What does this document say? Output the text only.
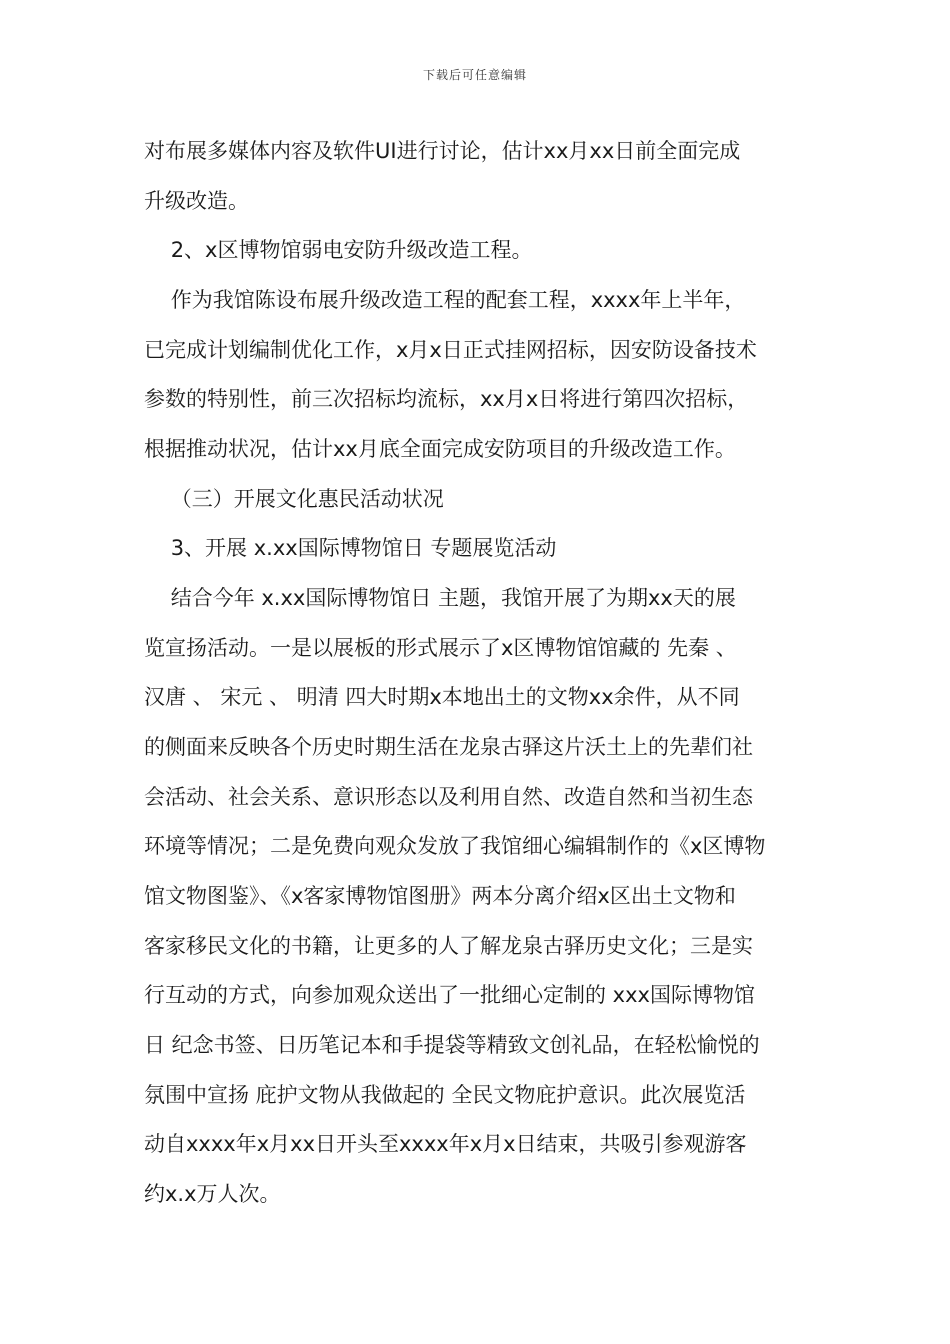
下载后可任意编辑
对布展多媒体内容及软件UI进行讨论，估计xx月xx日前全面完成
升级改造。
2、x区博物馆弱电安防升级改造工程。
作为我馆陈设布展升级改造工程的配套工程，xxxx年上半年，
已完成计划编制优化工作，x月x日正式挂网招标，因安防设备技术
参数的特别性，前三次招标均流标，xx月x日将进行第四次招标，
根据推动状况，估计xx月底全面完成安防项目的升级改造工作。
（三）开展文化惠民活动状况
3、开展 x.xx国际博物馆日 专题展览活动
结合今年 x.xx国际博物馆日 主题，我馆开展了为期xx天的展
览宣扬活动。一是以展板的形式展示了x区博物馆馆藏的 先秦 、
汉唐 、 宋元 、 明清 四大时期x本地出土的文物xx余件，从不同
的侧面来反映各个历史时期生活在龙泉古驿这片沃土上的先辈们社
会活动、社会关系、意识形态以及利用自然、改造自然和当初生态
环境等情况；二是免费向观众发放了我馆细心编辑制作的《x区博物
馆文物图鉴》、《x客家博物馆图册》两本分离介绍x区出土文物和
客家移民文化的书籍，让更多的人了解龙泉古驿历史文化；三是实
行互动的方式，向参加观众送出了一批细心定制的 xxx国际博物馆
日 纪念书签、日历笔记本和手提袋等精致文创礼品，在轻松愉悦的
氛围中宣扬 庇护文物从我做起的 全民文物庇护意识。此次展览活
动自xxxx年x月xx日开头至xxxx年x月x日结束，共吸引参观游客
约x.x万人次。
